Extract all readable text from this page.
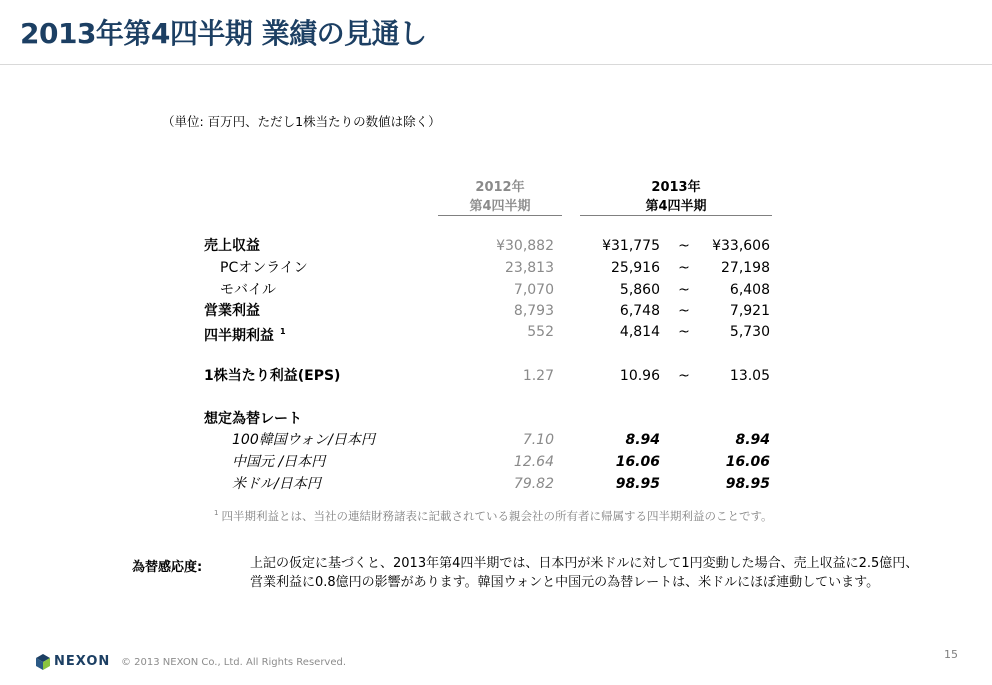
2013年第4四半期 業績の見通し
（単位: 百万円、ただし1株当たりの数値は除く）
2012年
第4四半期
2013年
第4四半期
売上収益	¥30,882	¥31,775 ~	¥33,606
PCオンライン	23,813	25,916 ~	27,198
モバイル	7,070	5,860 ~	6,408
営業利益	8,793	6,748 ~	7,921
四半期利益 $^1$	552	4,814 ~	5,730
1株当たり利益(EPS)	1.27	10.96 ~	13.05
想定為替レート
100韓国ウォン/日本円	7.10	8.94	8.94
中国元 /日本円	12.64	16.06	16.06
米ドル/日本円	79.82	98.95	98.95
$^1$ 四半期利益とは、当社の連結財務諸表に記載されている親会社の所有者に帰属する四半期利益のことです。
為替感応度:	上記の仮定に基づくと、2013年第4四半期では、日本円が米ドルに対して1円変動した場合、売上収益に2.5億円、営業利益に0.8億円の影響があります。韓国ウォンと中国元の為替レートは、米ドルにほぼ連動しています。
NEXON © 2013 NEXON Co., Ltd. All Rights Reserved.
15
